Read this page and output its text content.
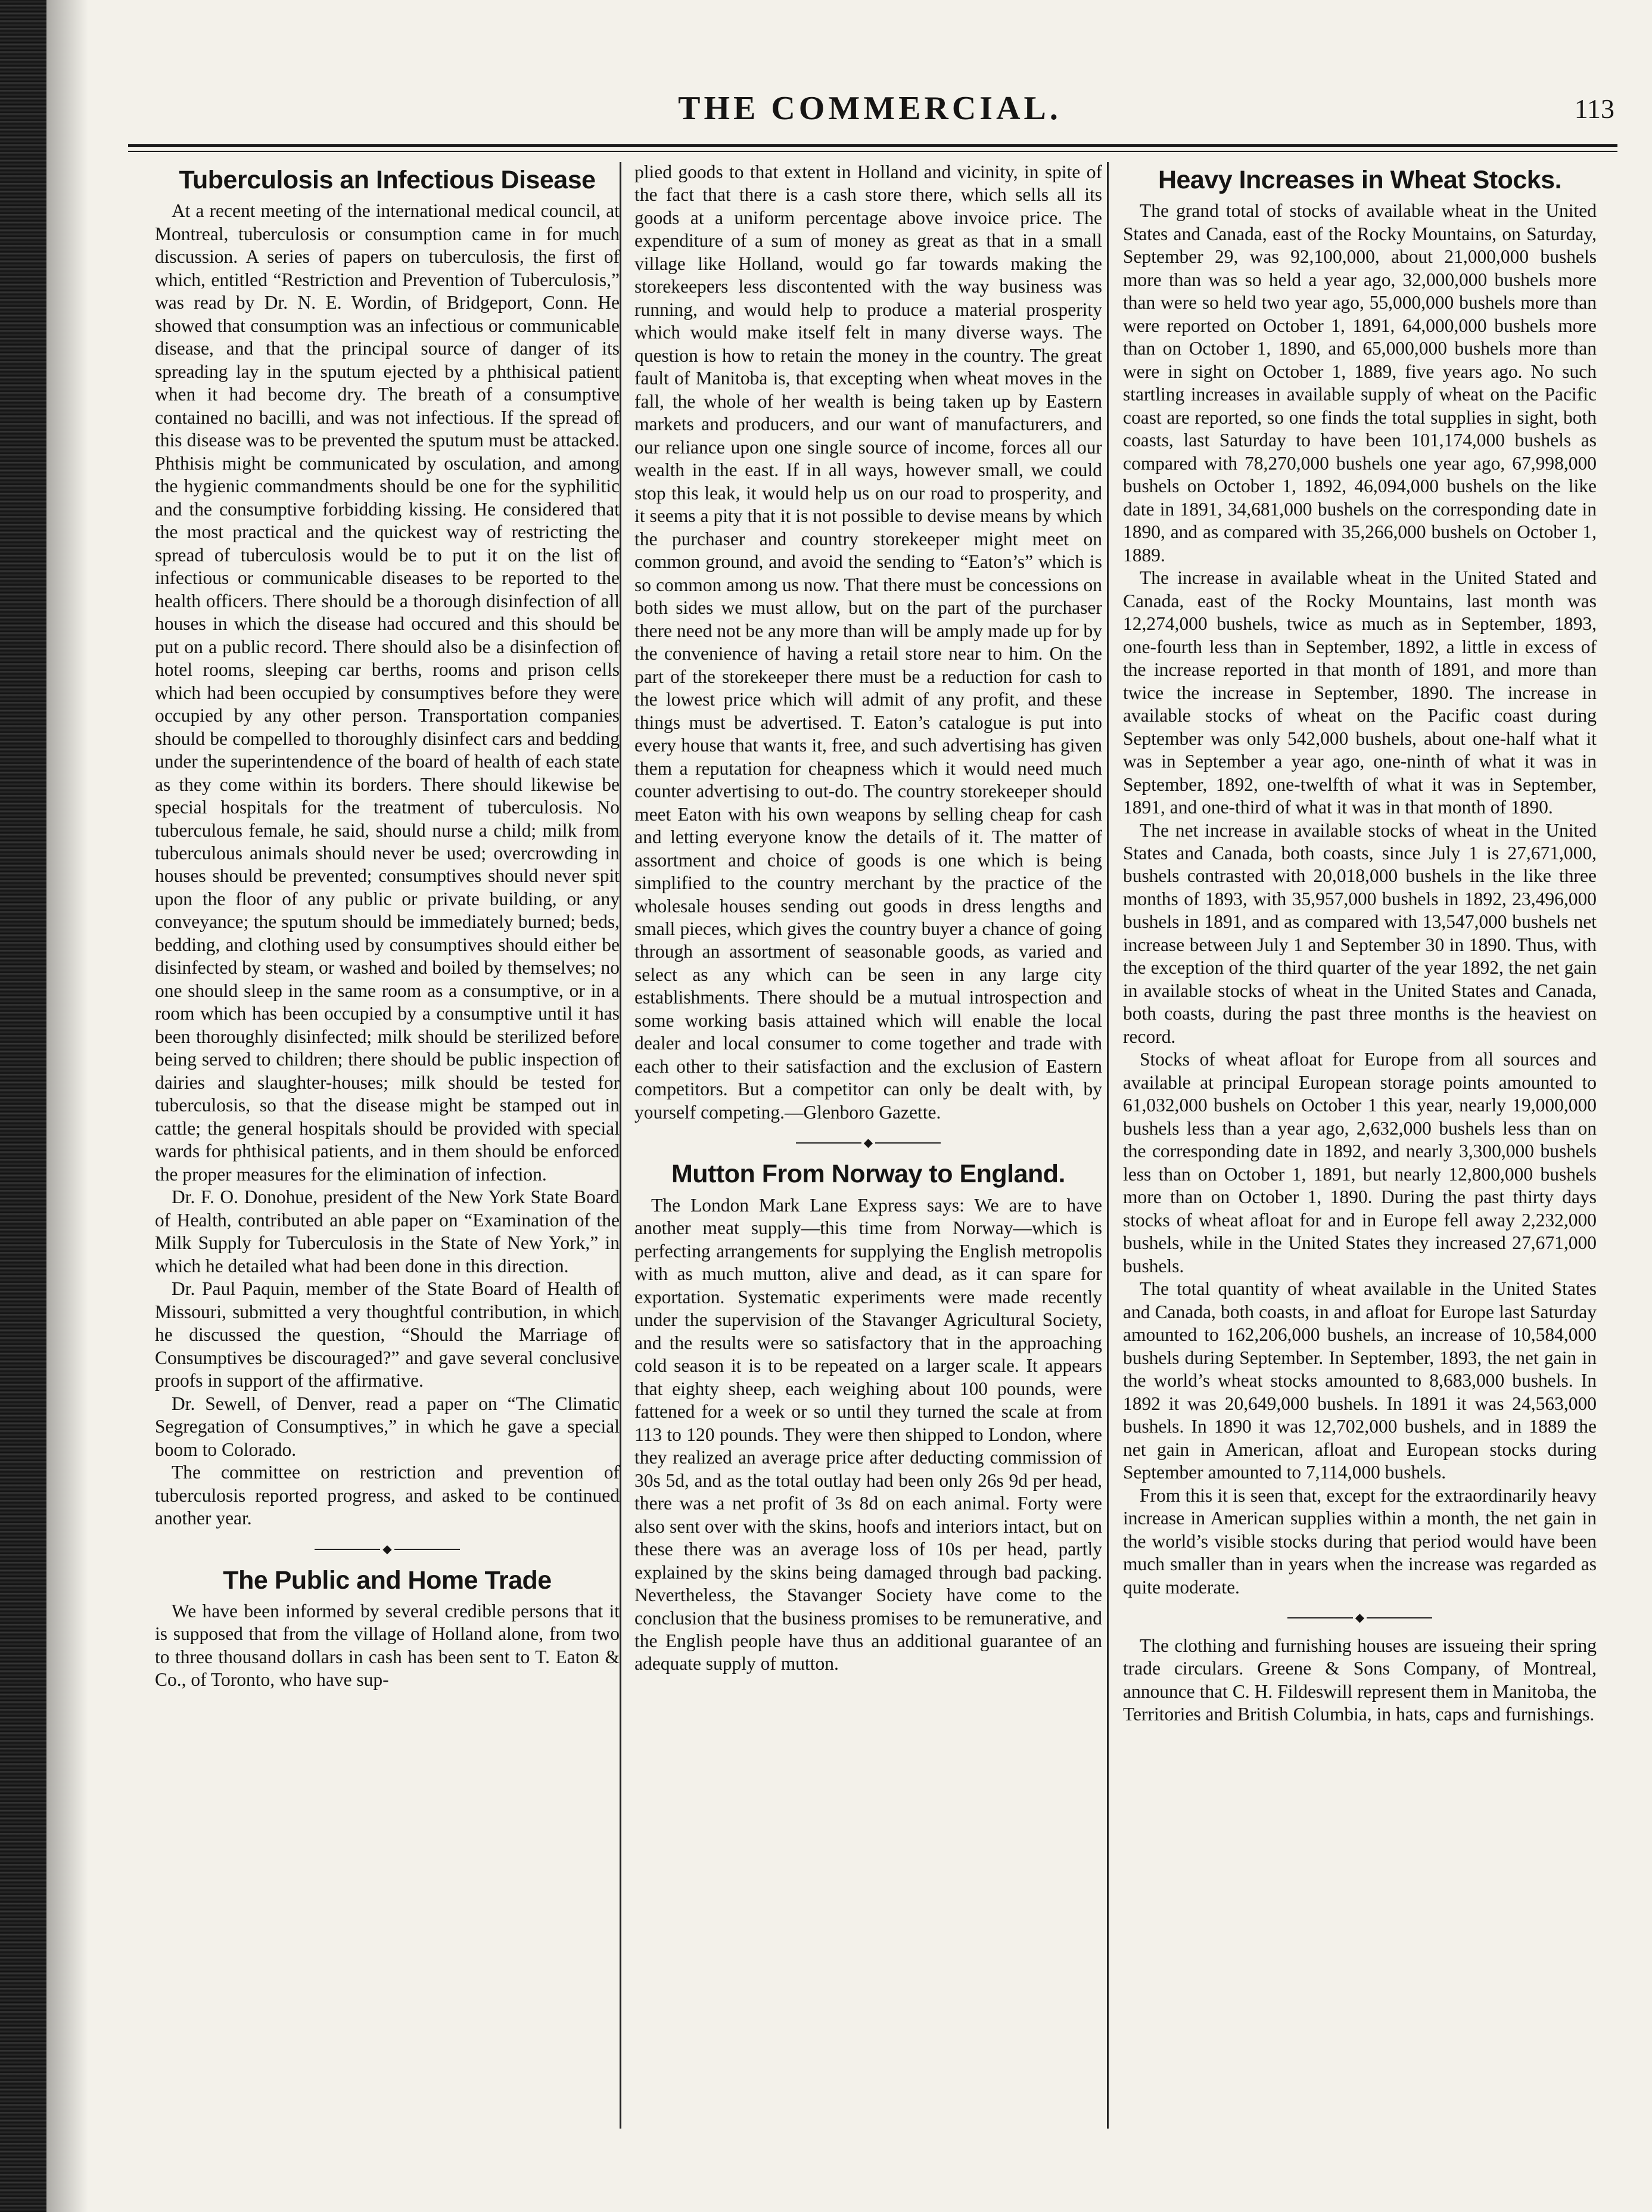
THE COMMERCIAL.	113
Tuberculosis an Infectious Disease

At a recent meeting of the international medical council, at Montreal, tuberculosis or consumption came in for much discussion. A series of papers on tuberculosis, the first of which, entitled “Restriction and Prevention of Tuberculosis,” was read by Dr. N. E. Wordin, of Bridgeport, Conn. He showed that consumption was an infectious or communicable disease, and that the principal source of danger of its spreading lay in the sputum ejected by a phthisical patient when it had become dry. The breath of a consumptive contained no bacilli, and was not infectious. If the spread of this disease was to be prevented the sputum must be attacked. Phthisis might be communicated by osculation, and among the hygienic commandments should be one for the syphilitic and the consumptive forbidding kissing. He considered that the most practical and the quickest way of restricting the spread of tuberculosis would be to put it on the list of infectious or communicable diseases to be reported to the health officers. There should be a thorough disinfection of all houses in which the disease had occured and this should be put on a public record. There should also be a disinfection of hotel rooms, sleeping car berths, rooms and prison cells which had been occupied by consumptives before they were occupied by any other person. Transportation companies should be compelled to thoroughly disinfect cars and bedding under the superintendence of the board of health of each state as they come within its borders. There should likewise be special hospitals for the treatment of tuberculosis. No tuberculous female, he said, should nurse a child; milk from tuberculous animals should never be used; overcrowding in houses should be prevented; consumptives should never spit upon the floor of any public or private building, or any conveyance; the sputum should be immediately burned; beds, bedding, and clothing used by consumptives should either be disinfected by steam, or washed and boiled by themselves; no one should sleep in the same room as a consumptive, or in a room which has been occupied by a consumptive until it has been thoroughly disinfected; milk should be sterilized before being served to children; there should be public inspection of dairies and slaughter-houses; milk should be tested for tuberculosis, so that the disease might be stamped out in cattle; the general hospitals should be provided with special wards for phthisical patients, and in them should be enforced the proper measures for the elimination of infection.

Dr. F. O. Donohue, president of the New York State Board of Health, contributed an able paper on “Examination of the Milk Supply for Tuberculosis in the State of New York,” in which he detailed what had been done in this direction.

Dr. Paul Paquin, member of the State Board of Health of Missouri, submitted a very thoughtful contribution, in which he discussed the question, “Should the Marriage of Consumptives be discouraged?” and gave several conclusive proofs in support of the affirmative.

Dr. Sewell, of Denver, read a paper on “The Climatic Segregation of Consumptives,” in which he gave a special boom to Colorado.

The committee on restriction and prevention of tuberculosis reported progress, and asked to be continued another year.

◆
The Public and Home Trade

We have been informed by several credible persons that it is supposed that from the village of Holland alone, from two to three thousand dollars in cash has been sent to T. Eaton & Co., of Toronto, who have sup-

plied goods to that extent in Holland and vicinity, in spite of the fact that there is a cash store there, which sells all its goods at a uniform percentage above invoice price. The expenditure of a sum of money as great as that in a small village like Holland, would go far towards making the storekeepers less discontented with the way business was running, and would help to produce a material prosperity which would make itself felt in many diverse ways. The question is how to retain the money in the country. The great fault of Manitoba is, that excepting when wheat moves in the fall, the whole of her wealth is being taken up by Eastern markets and producers, and our want of manufacturers, and our reliance upon one single source of income, forces all our wealth in the east. If in all ways, however small, we could stop this leak, it would help us on our road to prosperity, and it seems a pity that it is not possible to devise means by which the purchaser and country storekeeper might meet on common ground, and avoid the sending to “Eaton’s” which is so common among us now. That there must be concessions on both sides we must allow, but on the part of the purchaser there need not be any more than will be amply made up for by the convenience of having a retail store near to him. On the part of the storekeeper there must be a reduction for cash to the lowest price which will admit of any profit, and these things must be advertised. T. Eaton’s catalogue is put into every house that wants it, free, and such advertising has given them a reputation for cheapness which it would need much counter advertising to out-do. The country storekeeper should meet Eaton with his own weapons by selling cheap for cash and letting everyone know the details of it. The matter of assortment and choice of goods is one which is being simplified to the country merchant by the practice of the wholesale houses sending out goods in dress lengths and small pieces, which gives the country buyer a chance of going through an assortment of seasonable goods, as varied and select as any which can be seen in any large city establishments. There should be a mutual introspection and some working basis attained which will enable the local dealer and local consumer to come together and trade with each other to their satisfaction and the exclusion of Eastern competitors. But a competitor can only be dealt with, by yourself competing.—Glenboro Gazette.

◆
Mutton From Norway to England.

The London Mark Lane Express says: We are to have another meat supply—this time from Norway—which is perfecting arrangements for supplying the English metropolis with as much mutton, alive and dead, as it can spare for exportation. Systematic experiments were made recently under the supervision of the Stavanger Agricultural Society, and the results were so satisfactory that in the approaching cold season it is to be repeated on a larger scale. It appears that eighty sheep, each weighing about 100 pounds, were fattened for a week or so until they turned the scale at from 113 to 120 pounds. They were then shipped to London, where they realized an average price after deducting commission of 30s 5d, and as the total outlay had been only 26s 9d per head, there was a net profit of 3s 8d on each animal. Forty were also sent over with the skins, hoofs and interiors intact, but on these there was an average loss of 10s per head, partly explained by the skins being damaged through bad packing. Nevertheless, the Stavanger Society have come to the conclusion that the business promises to be remunerative, and the English people have thus an additional guarantee of an adequate supply of mutton.

Heavy Increases in Wheat Stocks.

The grand total of stocks of available wheat in the United States and Canada, east of the Rocky Mountains, on Saturday, September 29, was 92,100,000, about 21,000,000 bushels more than was so held a year ago, 32,000,000 bushels more than were so held two year ago, 55,000,000 bushels more than were reported on October 1, 1891, 64,000,000 bushels more than on October 1, 1890, and 65,000,000 bushels more than were in sight on October 1, 1889, five years ago. No such startling increases in available supply of wheat on the Pacific coast are reported, so one finds the total supplies in sight, both coasts, last Saturday to have been 101,174,000 bushels as compared with 78,270,000 bushels one year ago, 67,998,000 bushels on October 1, 1892, 46,094,000 bushels on the like date in 1891, 34,681,000 bushels on the corresponding date in 1890, and as compared with 35,266,000 bushels on October 1, 1889.

The increase in available wheat in the United Stated and Canada, east of the Rocky Mountains, last month was 12,274,000 bushels, twice as much as in September, 1893, one-fourth less than in September, 1892, a little in excess of the increase reported in that month of 1891, and more than twice the increase in September, 1890. The increase in available stocks of wheat on the Pacific coast during September was only 542,000 bushels, about one-half what it was in September a year ago, one-ninth of what it was in September, 1892, one-twelfth of what it was in September, 1891, and one-third of what it was in that month of 1890.

The net increase in available stocks of wheat in the United States and Canada, both coasts, since July 1 is 27,671,000, bushels contrasted with 20,018,000 bushels in the like three months of 1893, with 35,957,000 bushels in 1892, 23,496,000 bushels in 1891, and as compared with 13,547,000 bushels net increase between July 1 and September 30 in 1890. Thus, with the exception of the third quarter of the year 1892, the net gain in available stocks of wheat in the United States and Canada, both coasts, during the past three months is the heaviest on record.

Stocks of wheat afloat for Europe from all sources and available at principal European storage points amounted to 61,032,000 bushels on October 1 this year, nearly 19,000,000 bushels less than a year ago, 2,632,000 bushels less than on the corresponding date in 1892, and nearly 3,300,000 bushels less than on October 1, 1891, but nearly 12,800,000 bushels more than on October 1, 1890. During the past thirty days stocks of wheat afloat for and in Europe fell away 2,232,000 bushels, while in the United States they increased 27,671,000 bushels.

The total quantity of wheat available in the United States and Canada, both coasts, in and afloat for Europe last Saturday amounted to 162,206,000 bushels, an increase of 10,584,000 bushels during September. In September, 1893, the net gain in the world’s wheat stocks amounted to 8,683,000 bushels. In 1892 it was 20,649,000 bushels. In 1891 it was 24,563,000 bushels. In 1890 it was 12,702,000 bushels, and in 1889 the net gain in American, afloat and European stocks during September amounted to 7,114,000 bushels.

From this it is seen that, except for the extraordinarily heavy increase in American supplies within a month, the net gain in the world’s visible stocks during that period would have been much smaller than in years when the increase was regarded as quite moderate.

◆

The clothing and furnishing houses are issueing their spring trade circulars. Greene & Sons Company, of Montreal, announce that C. H. Fildeswill represent them in Manitoba, the Territories and British Columbia, in hats, caps and furnishings.
